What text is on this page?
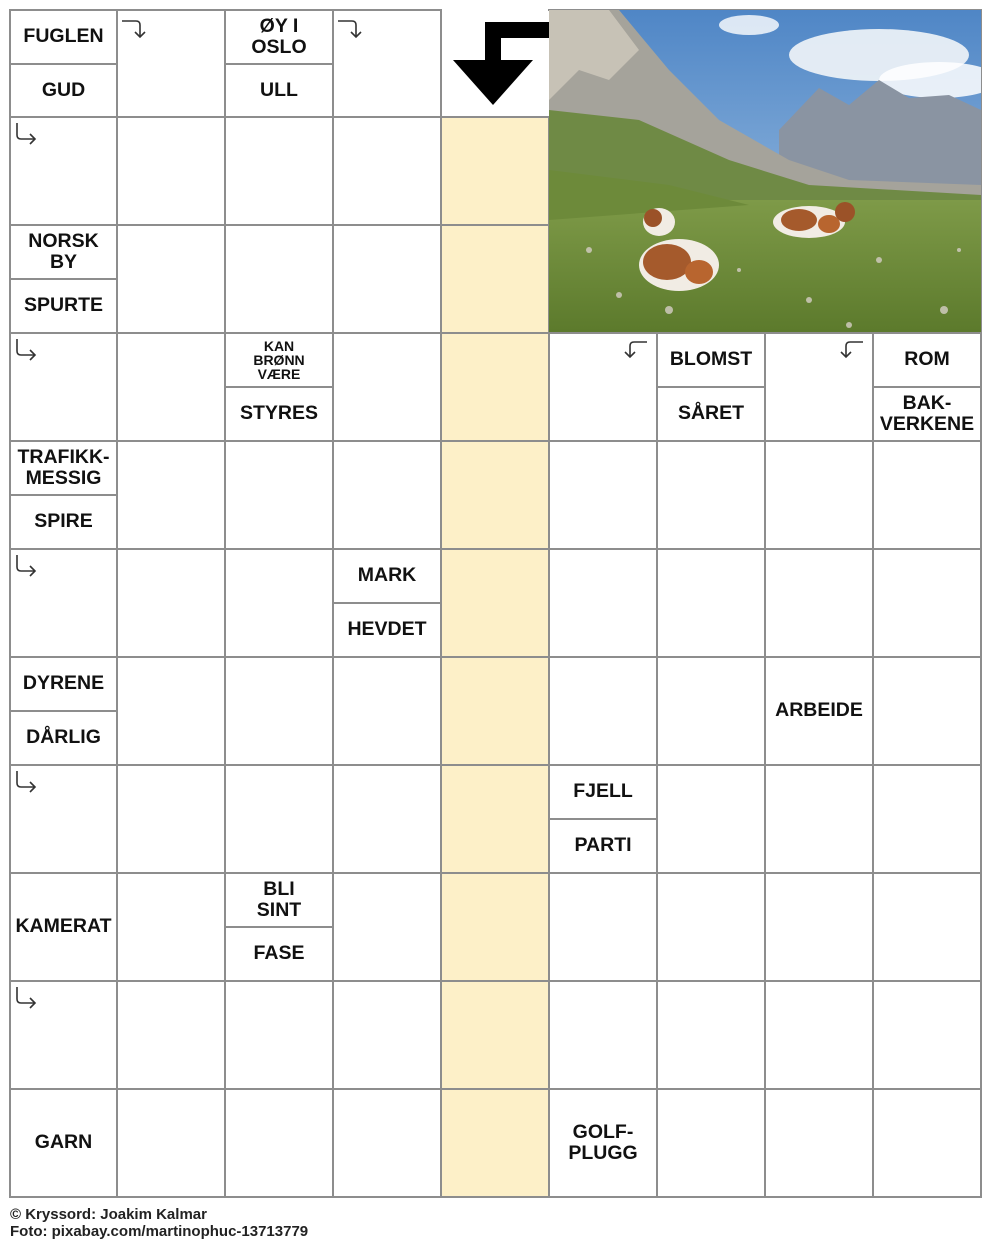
FUGLEN
GUD
ØY I
OSLO
ULL
NORSK
BY
SPURTE
KAN
BRØNN
VÆRE
STYRES
BLOMST
SÅRET
ROM
BAK-
VERKENE
TRAFIKK-
MESSIG
SPIRE
MARK
HEVDET
DYRENE
DÅRLIG
ARBEIDE
FJELL
PARTI
KAMERAT
BLI
SINT
FASE
GARN	GOLF-
PLUGG
© Kryssord: Joakim Kalmar
Foto: pixabay.com/martinophuc-13713779
